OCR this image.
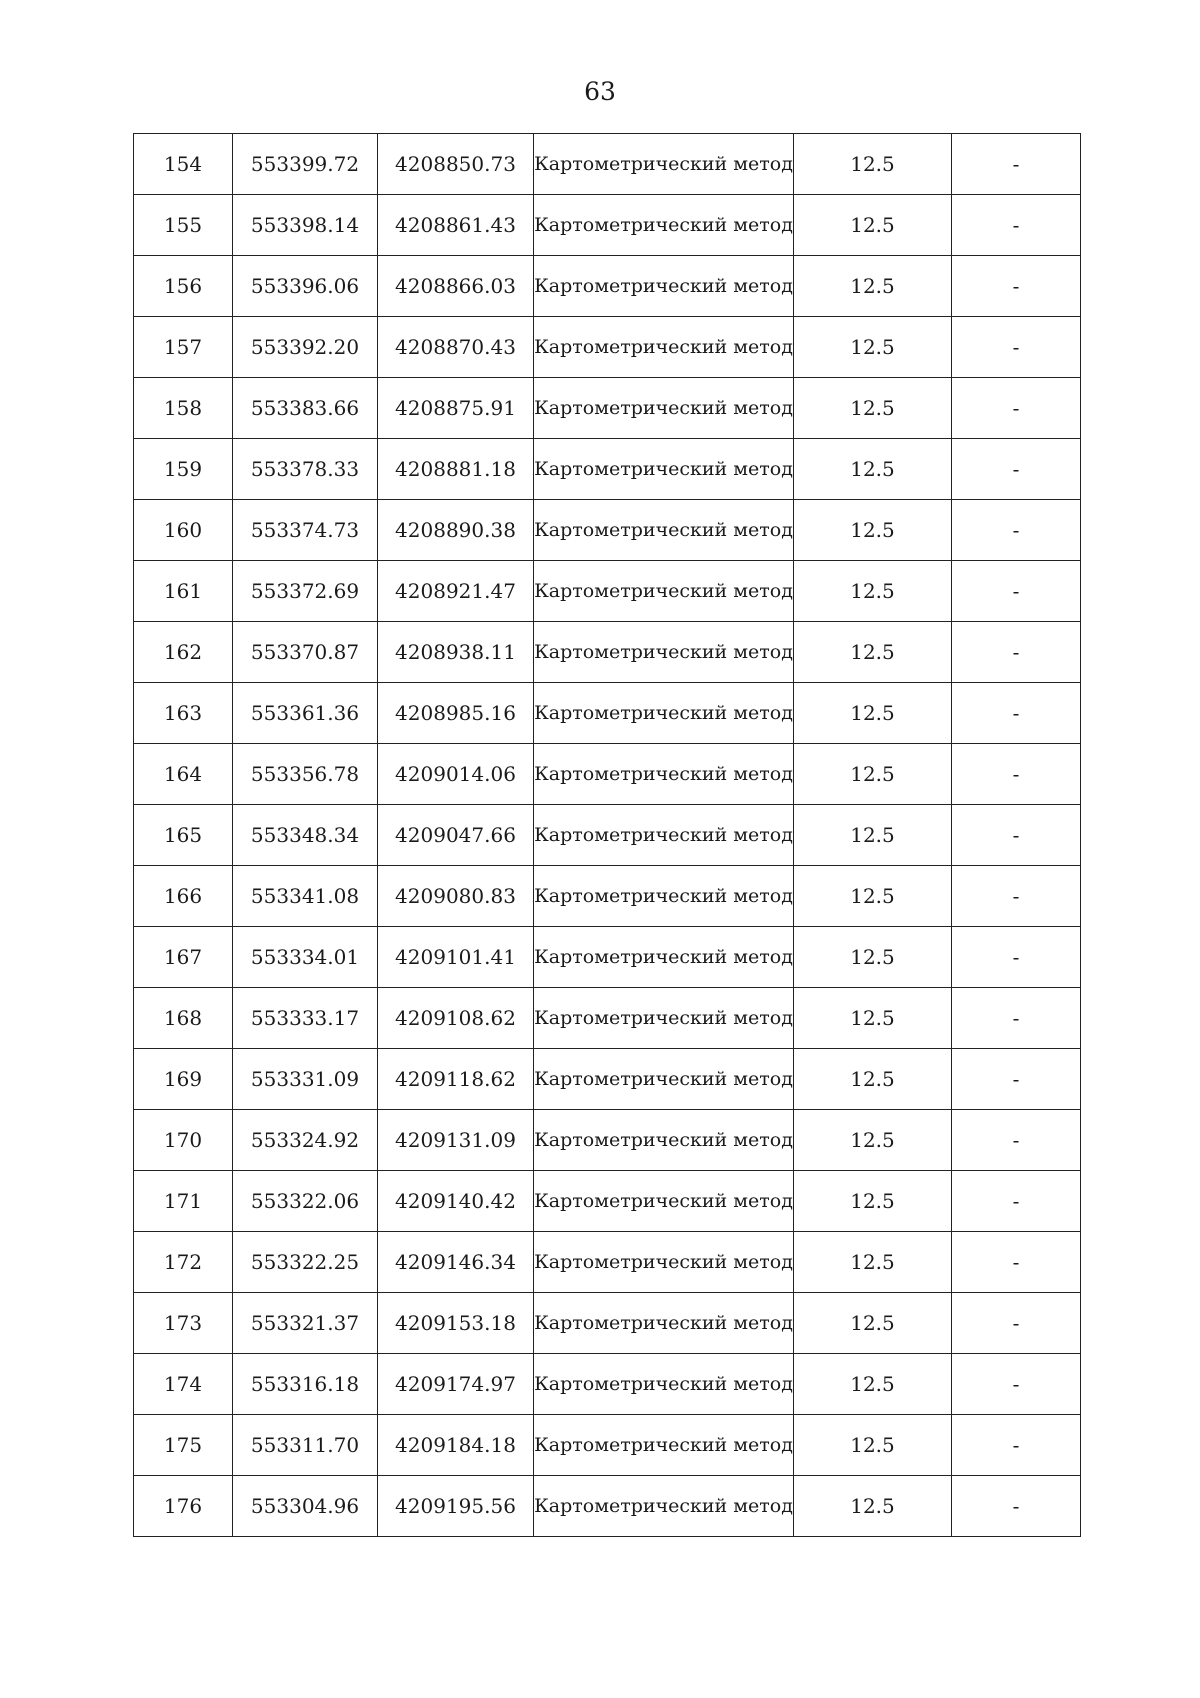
63
154	553399.72	4208850.73	Картометрический метод	12.5	-
155	553398.14	4208861.43	Картометрический метод	12.5	-
156	553396.06	4208866.03	Картометрический метод	12.5	-
157	553392.20	4208870.43	Картометрический метод	12.5	-
158	553383.66	4208875.91	Картометрический метод	12.5	-
159	553378.33	4208881.18	Картометрический метод	12.5	-
160	553374.73	4208890.38	Картометрический метод	12.5	-
161	553372.69	4208921.47	Картометрический метод	12.5	-
162	553370.87	4208938.11	Картометрический метод	12.5	-
163	553361.36	4208985.16	Картометрический метод	12.5	-
164	553356.78	4209014.06	Картометрический метод	12.5	-
165	553348.34	4209047.66	Картометрический метод	12.5	-
166	553341.08	4209080.83	Картометрический метод	12.5	-
167	553334.01	4209101.41	Картометрический метод	12.5	-
168	553333.17	4209108.62	Картометрический метод	12.5	-
169	553331.09	4209118.62	Картометрический метод	12.5	-
170	553324.92	4209131.09	Картометрический метод	12.5	-
171	553322.06	4209140.42	Картометрический метод	12.5	-
172	553322.25	4209146.34	Картометрический метод	12.5	-
173	553321.37	4209153.18	Картометрический метод	12.5	-
174	553316.18	4209174.97	Картометрический метод	12.5	-
175	553311.70	4209184.18	Картометрический метод	12.5	-
176	553304.96	4209195.56	Картометрический метод	12.5	-
